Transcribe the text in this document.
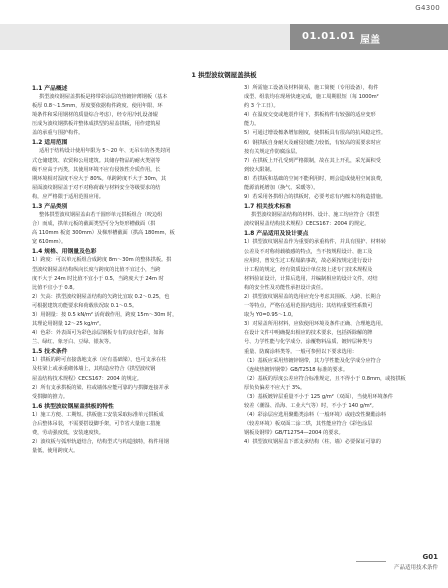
G4300
01.01.01 屋盖
1 拱型波纹钢屋盖拱板
1.1 产品概述
拱型波纹钢屋盖拱板是将带彩涂层的热镀锌薄钢板（基本
板厚 0.8～1.5mm，厚度要依据构件跨度、使用年限、环
境条件和采用钢材的质量综合考虑），经专用冷轧设备辊
压成为波纹钢拱板并整体成拱型的屋盖拱板，用作建筑屋
盖的承重与围护构件。
1.2 适用范围
适用于结构设计使用年限为 5～20 年、无吊车的各类封闭
式仓储建筑、农贸和公用建筑。其储存物品的耐火类别等
级不应高于丙类，其使用环境不应有侵蚀性介质作用，长
期环境相对湿度不应大于 80%。单跨跨度不大于 30m，其
屋面波纹钢屋盖于对不对称荷载与材料安全等级要求的结
构，应严格限于适用范围应用。
1.3 产品类别
整体拱型波纹钢屋盖由若干圆形单元拱板组合（咬边组
合）而成，拱单元板的截面类型可分为矩形槽截面（拱
高 110mm 板宽 300mm）及梯形槽截面（拱高 180mm，板
宽 610mm）。
1.4 规格、用钢量及色彩
1）跨度：可以单元板组合成跨度 8m～30m 的整体拱板。拱
型波纹钢屋盖结构纵向长度与跨度的比值不宜过小，当跨
度不大于 24m 时比值不宜小于 0.5，当跨度大于 24m 时
比值不宜小于 0.8。
2）矢高：拱型波纹钢屋盖结构的矢跨比宜取 0.2～0.25，也
可根据建筑功能要求和荷载状况取 0.1～0.5。
3）用钢量：按 0.5 kN/m² 活荷载作用，跨度 15m～30m 时，
其理论用钢量 12～25 kg/m²。
4）色彩：外表面可为彩色涂层钢板专有的良好色彩，如海
兰、绿红、象牙白、豆绿、银灰等。
1.5 技术条件
1）拱板的跨可直接落地支承（应有基础梁），也可支承在柱
及柱梁上或承重砌体墙上，其构造应符合《拱型波纹钢
屋盖结构技术规程》CECS167：2004 的规定。
2）所有支承拱板的梁、柱或墙体应能可靠的与拱脚连接并承
受拱脚的推力。
1.6 拱型波纹钢屋盖拱板的特性
1）施工方便、工期短。拱板施工安装采取标准单元拱板成
合后整体吊装，不需要搭设脚手架，可节省大量施工措施
费，劳动强度低，安装速度快。
2）波纹板与弧形轨道结合，结构型式与构造独特，构件用钢
量低，使用跨度大。
3）所需施工设备及材料简易，施工简便（专用设备），构件
成型、组装均在现场快速完成，施工周期很短（每 1000m²
约 3 个工日）。
4）在温度交变或地震作用下，拱板构件有较强的适应变形
能力。
5）可通过增设檩条增加刚度，使拱板具有很高的抗风稳定性。
6）钢拱板自身耐火及耐侵蚀能力较低，有较高的需要求时应
按有关规定作防腐涂层。
7）在拱板上开孔受到严格限制，故在其上开孔，采光面积受
到较大限制。
8）若拱板和基础的空间不能利用时，则会造成使用空间浪费，
能源消耗增加（换气、采暖等）。
9）若采用各拱组合的拱板时，必要考虑有内檩木的构造措施。
1.7 相关技术标准
拱型波纹钢屋盖结构的材料、设计、施工均应符合《拱型
波纹钢屋盖结构技术规程》CECS167：2004 的规定。
1.8 产品适用及设计要点
1）拱型波纹钢屋盖作为重要的承重构件，并具有围护、材料转
公差及不对称荷载敏感的特点，当不按规程设计、施工及
应用时，曾发生过工程塌陷事故，故必须按规定进行设计
计工程的规定，经有资质设计单位按上述专门技术规程及
材料验证设计，计算后选用，并编制相应的设计文件，对结
构的安全性及功能性承担设计责任。
2）拱型波纹钢屋盖的选用应充分考虑其围板、大跨、长期合
一等特点，严格在适用范围内选用；其结构重要性系数可
取为 Y0=0.95～1.0。
3）对屋盖所用材料，应依使用环境及条件正确、合理地选用。
在设计文件中明确提出相应的技术要求，包括拆除解的牌
号、力学性能与化学成分、涂覆物料品质、镀锌层种类与
重量、防腐涂料类等。一般可参照以下要求选用：
（1）基板应采用热镀锌钢带，其力学性能及化学成分应符合
《连续热镀锌钢带》GB/T2518 标准的要求。
（2）基板的厚度公差应符合标准规定，且不得小于 0.8mm，或按拱板
厚负负偏差不应大于 3%。
（3）基板镀锌层重量不小于 125 g/m²（双面），当使用环境条件
较差（潮湿、沿海、工业大气等）时，不小于 140 g/m²。
（4）彩涂层应选用聚酯类涂料（一般环境）或硅改性聚酯涂料
（较差环境）板双面二涂二烘，其性能应符合《彩色涂层
钢板及钢带》GB/T12754—2004 的要求。
4）拱型波纹钢屋盖下部支承结构（柱、墙）必要保证可靠的
G01
产品适用技术条件
